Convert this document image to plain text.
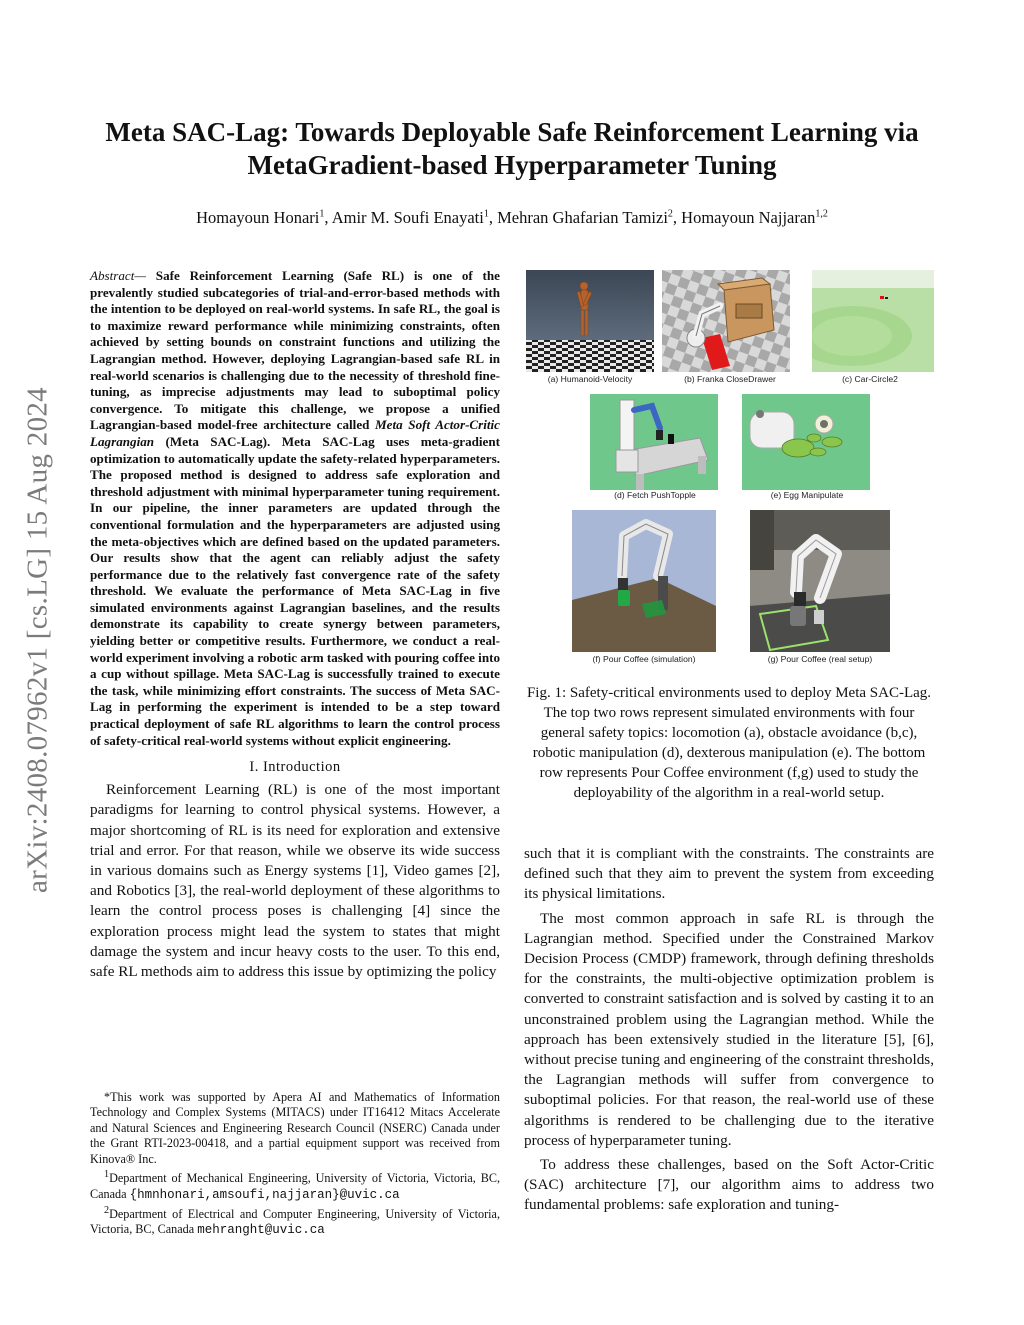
arXiv:2408.07962v1 [cs.LG] 15 Aug 2024
Meta SAC-Lag: Towards Deployable Safe Reinforcement Learning via
MetaGradient-based Hyperparameter Tuning
Homayoun Honari$^1$, Amir M. Soufi Enayati$^1$, Mehran Ghafarian Tamizi$^2$, Homayoun Najjaran$^{1,2}$

Abstract— Safe Reinforcement Learning (Safe RL) is one of the prevalently studied subcategories of trial-and-error-based methods with the intention to be deployed on real-world systems. In safe RL, the goal is to maximize reward performance while minimizing constraints, often achieved by setting bounds on constraint functions and utilizing the Lagrangian method. However, deploying Lagrangian-based safe RL in real-world scenarios is challenging due to the necessity of threshold fine-tuning, as imprecise adjustments may lead to suboptimal policy convergence. To mitigate this challenge, we propose a unified Lagrangian-based model-free architecture called Meta Soft Actor-Critic Lagrangian (Meta SAC-Lag). Meta SAC-Lag uses meta-gradient optimization to automatically update the safety-related hyperparameters. The proposed method is designed to address safe exploration and threshold adjustment with minimal hyperparameter tuning requirement. In our pipeline, the inner parameters are updated through the conventional formulation and the hyperparameters are adjusted using the meta-objectives which are defined based on the updated parameters. Our results show that the agent can reliably adjust the safety performance due to the relatively fast convergence rate of the safety threshold. We evaluate the performance of Meta SAC-Lag in five simulated environments against Lagrangian baselines, and the results demonstrate its capability to create synergy between parameters, yielding better or competitive results. Furthermore, we conduct a real-world experiment involving a robotic arm tasked with pouring coffee into a cup without spillage. Meta SAC-Lag is successfully trained to execute the task, while minimizing effort constraints. The success of Meta SAC-Lag in performing the experiment is intended to be a step toward practical deployment of safe RL algorithms to learn the control process of safety-critical real-world systems without explicit engineering.

I. Introduction

Reinforcement Learning (RL) is one of the most important paradigms for learning to control physical systems. However, a major shortcoming of RL is its need for exploration and extensive trial and error. For that reason, while we observe its wide success in various domains such as Energy systems [1], Video games [2], and Robotics [3], the real-world deployment of these algorithms to learn the control process poses is challenging [4] since the exploration process might lead the system to states that might damage the system and incur heavy costs to the user. To this end, safe RL methods aim to address this issue by optimizing the policy

*This work was supported by Apera AI and Mathematics of Information Technology and Complex Systems (MITACS) under IT16412 Mitacs Accelerate and Natural Sciences and Engineering Research Council (NSERC) Canada under the Grant RTI-2023-00418, and a partial equipment support was received from Kinova® Inc.

$^1$Department of Mechanical Engineering, University of Victoria, Victoria, BC, Canada {hmnhonari,amsoufi,najjaran}@uvic.ca

$^2$Department of Electrical and Computer Engineering, University of Victoria, Victoria, BC, Canada mehranght@uvic.ca

(a) Humanoid-Velocity	(b) Franka CloseDrawer	(c) Car-Circle2
(d) Fetch PushTopple	(e) Egg Manipulate
(f) Pour Coffee (simulation)	(g) Pour Coffee (real setup)
Fig. 1: Safety-critical environments used to deploy Meta SAC-Lag. The top two rows represent simulated environments with four general safety topics: locomotion (a), obstacle avoidance (b,c), robotic manipulation (d), dexterous manipulation (e). The bottom row represents Pour Coffee environment (f,g) used to study the deployability of the algorithm in a real-world setup.

such that it is compliant with the constraints. The constraints are defined such that they aim to prevent the system from exceeding its physical limitations.

The most common approach in safe RL is through the Lagrangian method. Specified under the Constrained Markov Decision Process (CMDP) framework, through defining thresholds for the constraints, the multi-objective optimization problem is converted to constraint satisfaction and is solved by casting it to an unconstrained problem using the Lagrangian method. While the approach has been extensively studied in the literature [5], [6], without precise tuning and engineering of the constraint thresholds, the Lagrangian methods will suffer from convergence to suboptimal policies. For that reason, the real-world use of these algorithms is rendered to be challenging due to the iterative process of hyperparameter tuning.

To address these challenges, based on the Soft Actor-Critic (SAC) architecture [7], our algorithm aims to address two fundamental problems: safe exploration and tuning-
